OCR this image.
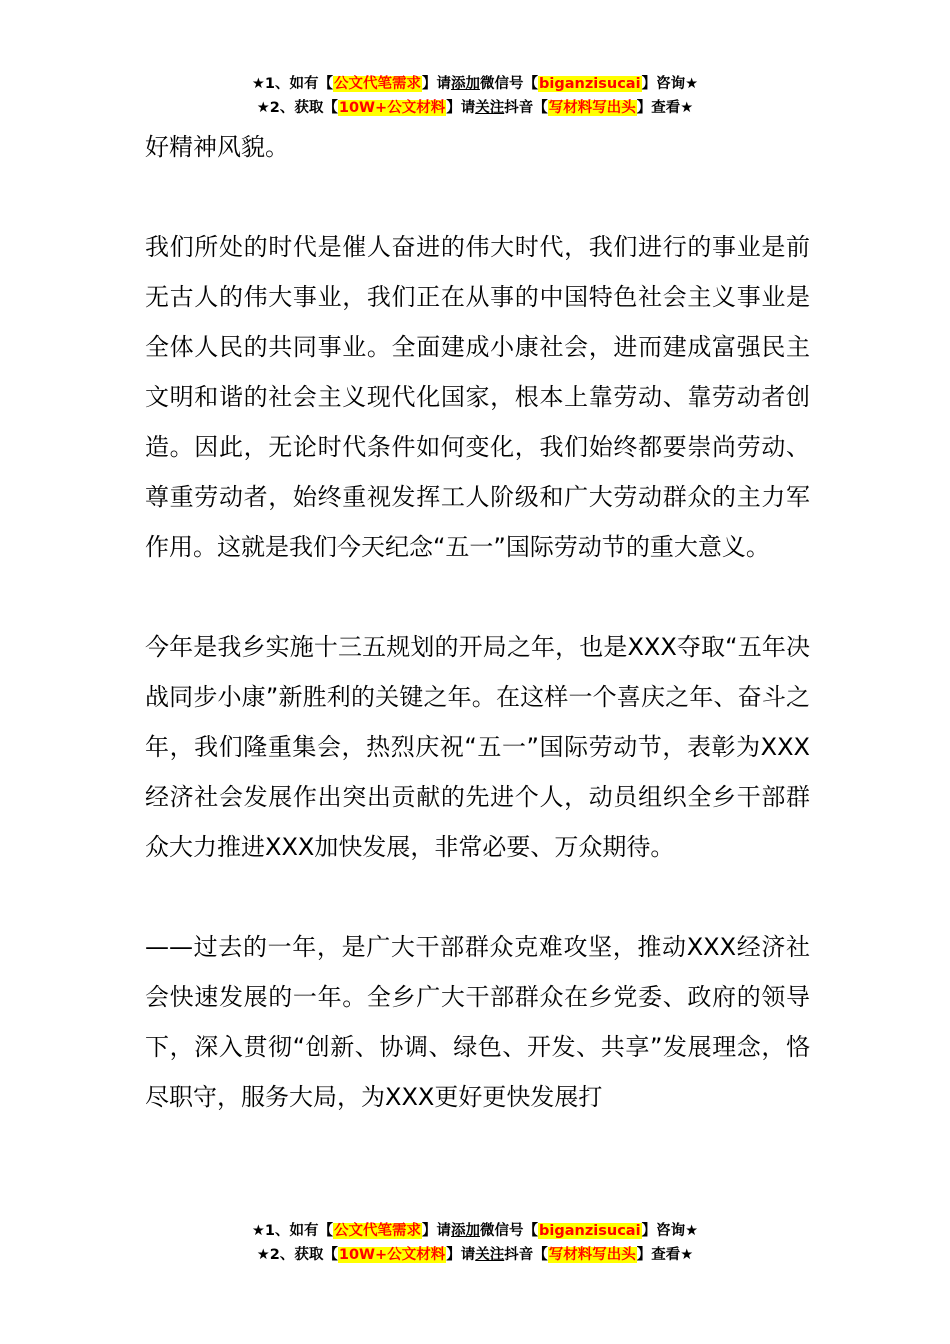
★1、如有【公文代笔需求】请添加微信号【biganzisucai】咨询★
★2、获取【10W+公文材料】请关注抖音【写材料写出头】查看★

好精神风貌。

我们所处的时代是催人奋进的伟大时代，我们进行的事业是前无古人的伟大事业，我们正在从事的中国特色社会主义事业是全体人民的共同事业。全面建成小康社会，进而建成富强民主文明和谐的社会主义现代化国家，根本上靠劳动、靠劳动者创造。因此，无论时代条件如何变化，我们始终都要崇尚劳动、尊重劳动者，始终重视发挥工人阶级和广大劳动群众的主力军作用。这就是我们今天纪念“五一”国际劳动节的重大意义。

今年是我乡实施十三五规划的开局之年，也是XXX夺取“五年决战同步小康”新胜利的关键之年。在这样一个喜庆之年、奋斗之年，我们隆重集会，热烈庆祝“五一”国际劳动节，表彰为XXX经济社会发展作出突出贡献的先进个人，动员组织全乡干部群众大力推进XXX加快发展，非常必要、万众期待。

——过去的一年，是广大干部群众克难攻坚，推动XXX经济社会快速发展的一年。全乡广大干部群众在乡党委、政府的领导下，深入贯彻“创新、协调、绿色、开发、共享”发展理念，恪尽职守，服务大局，为XXX更好更快发展打

★1、如有【公文代笔需求】请添加微信号【biganzisucai】咨询★
★2、获取【10W+公文材料】请关注抖音【写材料写出头】查看★
